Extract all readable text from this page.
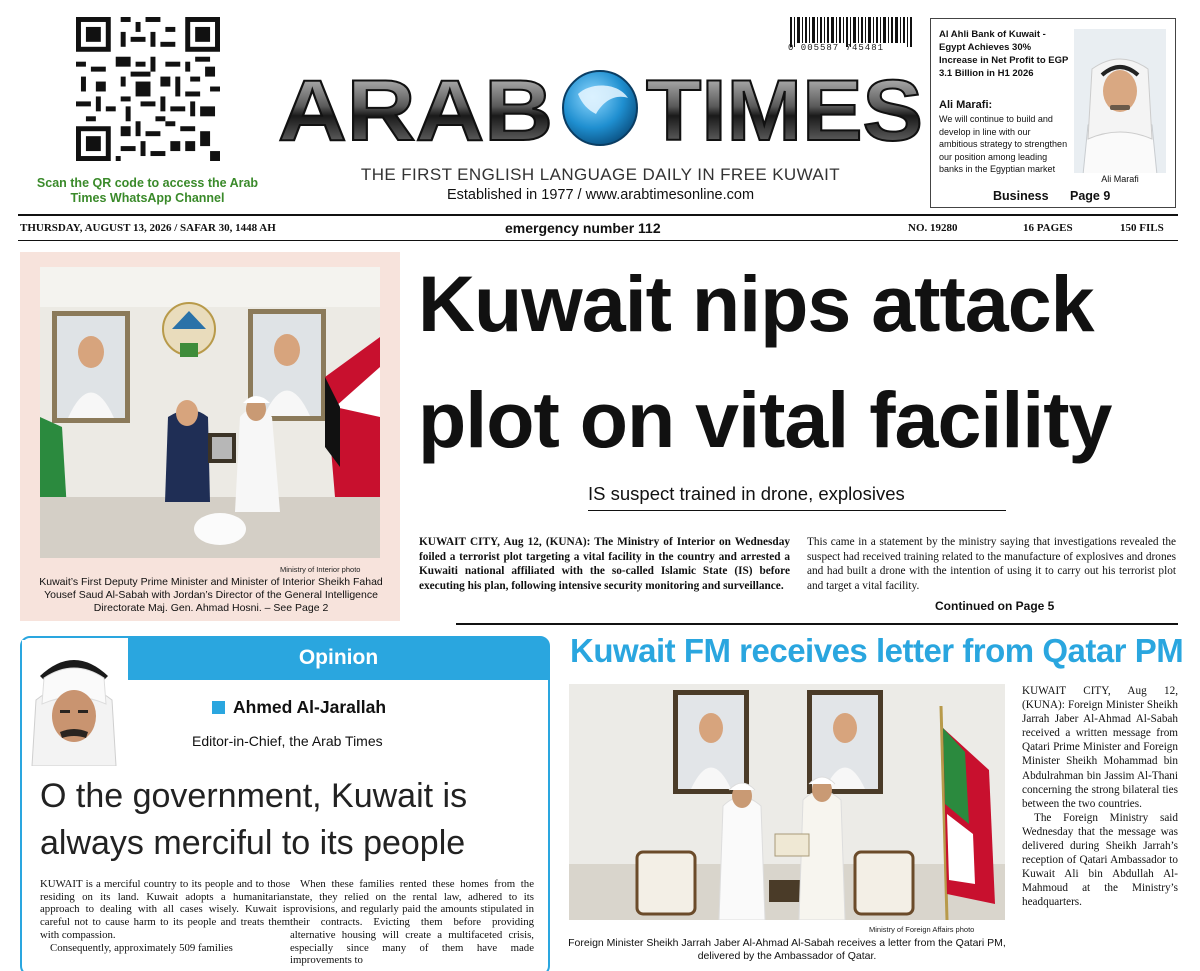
Scan the QR code to access the Arab Times WhatsApp Channel
0 005587 745481
ARAB TIMES
THE FIRST ENGLISH LANGUAGE DAILY IN FREE KUWAIT
Established in 1977 / www.arabtimesonline.com
Al Ahli Bank of Kuwait - Egypt Achieves 30% Increase in Net Profit to EGP 3.1 Billion in H1 2026
Ali Marafi:
We will continue to build and develop in line with our ambitious strategy to strengthen our position among leading banks in the Egyptian market
Ali Marafi
Business Page 9
THURSDAY, AUGUST 13, 2026 / SAFAR 30, 1448 AH	emergency number 112	NO. 19280	16 PAGES	150 FILS
Ministry of Interior photo
Kuwait’s First Deputy Prime Minister and Minister of Interior Sheikh Fahad Yousef Saud Al-Sabah with Jordan’s Director of the General Intelligence Directorate Maj. Gen. Ahmad Hosni. – See Page 2
Kuwait nips attack
plot on vital facility
IS suspect trained in drone, explosives
KUWAIT CITY, Aug 12, (KUNA): The Ministry of Interior on Wednesday foiled a terrorist plot targeting a vital facility in the country and arrested a Kuwaiti national affiliated with the so-called Islamic State (IS) before executing his plan, following intensive security monitoring and surveillance.
This came in a statement by the ministry saying that investigations revealed the suspect had received training related to the manufacture of explosives and drones and had built a drone with the intention of using it to carry out his terrorist plot and target a vital facility.
Continued on Page 5
Opinion
Ahmed Al-Jarallah
Editor-in-Chief, the Arab Times
O the government, Kuwait is always merciful to its people

KUWAIT is a merciful country to its people and to those residing on its land. Kuwait adopts a humanitarian approach to dealing with all cases wisely. Kuwait is careful not to cause harm to its people and treats them with compassion.

Consequently, approximately 509 families

When these families rented these homes from the state, they relied on the rental law, adhered to its provisions, and regularly paid the amounts stipulated in their contracts. Evicting them before providing alternative housing will create a multifaceted crisis, especially since many of them have made improvements to

Kuwait FM receives letter from Qatar PM
Ministry of Foreign Affairs photo
Foreign Minister Sheikh Jarrah Jaber Al-Ahmad Al-Sabah receives a letter from the Qatari PM, delivered by the Ambassador of Qatar.

KUWAIT CITY, Aug 12, (KUNA): Foreign Minister Sheikh Jarrah Jaber Al-Ahmad Al-Sabah received a written message from Qatari Prime Minister and Foreign Minister Sheikh Mohammad bin Abdulrahman bin Jassim Al-Thani concerning the strong bilateral ties between the two countries.

The Foreign Ministry said Wednesday that the message was delivered during Sheikh Jarrah’s reception of Qatari Ambassador to Kuwait Ali bin Abdullah Al-Mahmoud at the Ministry’s headquarters.
